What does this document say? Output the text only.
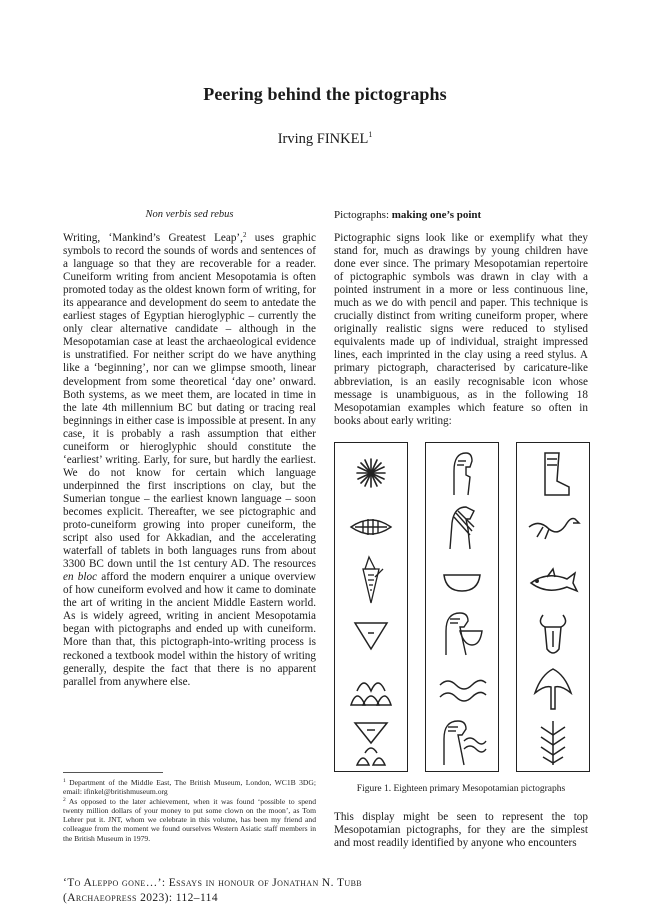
Peering behind the pictographs
Irving FINKEL$^1$
Non verbis sed rebus

Writing, ‘Mankind’s Greatest Leap’,$^2$ uses graphic symbols to record the sounds of words and sentences of a language so that they are recoverable for a reader. Cuneiform writing from ancient Mesopotamia is often promoted today as the oldest known form of writing, for its appearance and development do seem to antedate the earliest stages of Egyptian hieroglyphic – currently the only clear alternative candidate – although in the Mesopotamian case at least the archaeological evidence is unstratified. For neither script do we have anything like a ‘beginning’, nor can we glimpse smooth, linear development from some theoretical ‘day one’ onward. Both systems, as we meet them, are located in time in the late 4th millennium BC but dating or tracing real beginnings in either case is impossible at present. In any case, it is probably a rash assumption that either cuneiform or hieroglyphic should constitute the ‘earliest’ writing. Early, for sure, but hardly the earliest. We do not know for certain which language underpinned the first inscriptions on clay, but the Sumerian tongue – the earliest known language – soon becomes explicit. Thereafter, we see pictographic and proto-cuneiform growing into proper cuneiform, the script also used for Akkadian, and the accelerating waterfall of tablets in both languages runs from about 3300 BC down until the 1st century AD. The resources en bloc afford the modern enquirer a unique overview of how cuneiform evolved and how it came to dominate the art of writing in the ancient Middle Eastern world. As is widely agreed, writing in ancient Mesopotamia began with pictographs and ended up with cuneiform. More than that, this pictograph-into-writing process is reckoned a textbook model within the history of writing generally, despite the fact that there is no apparent parallel from anywhere else.

Pictographs: making one’s point

Pictographic signs look like or exemplify what they stand for, much as drawings by young children have done ever since. The primary Mesopotamian repertoire of pictographic symbols was drawn in clay with a pointed instrument in a more or less continuous line, much as we do with pencil and paper. This technique is crucially distinct from writing cuneiform proper, where originally realistic signs were reduced to stylised equivalents made up of individual, straight impressed lines, each imprinted in the clay using a reed stylus. A primary pictograph, characterised by caricature-like abbreviation, is an easily recognisable icon whose message is unambiguous, as in the following 18 Mesopotamian examples which feature so often in books about early writing:

Figure 1. Eighteen primary Mesopotamian pictographs

This display might be seen to represent the top Mesopotamian pictographs, for they are the simplest and most readily identified by anyone who encounters

$^1$ Department of the Middle East, The British Museum, London, WC1B 3DG; email: ifinkel@britishmuseum.org

$^2$ As opposed to the later achievement, when it was found ‘possible to spend twenty million dollars of your money to put some clown on the moon’, as Tom Lehrer put it. JNT, whom we celebrate in this volume, has been my friend and colleague from the moment we found ourselves Western Asiatic staff members in the British Museum in 1979.

‘To Aleppo gone…’: Essays in honour of Jonathan N. Tubb
(Archaeopress 2023): 112–114
